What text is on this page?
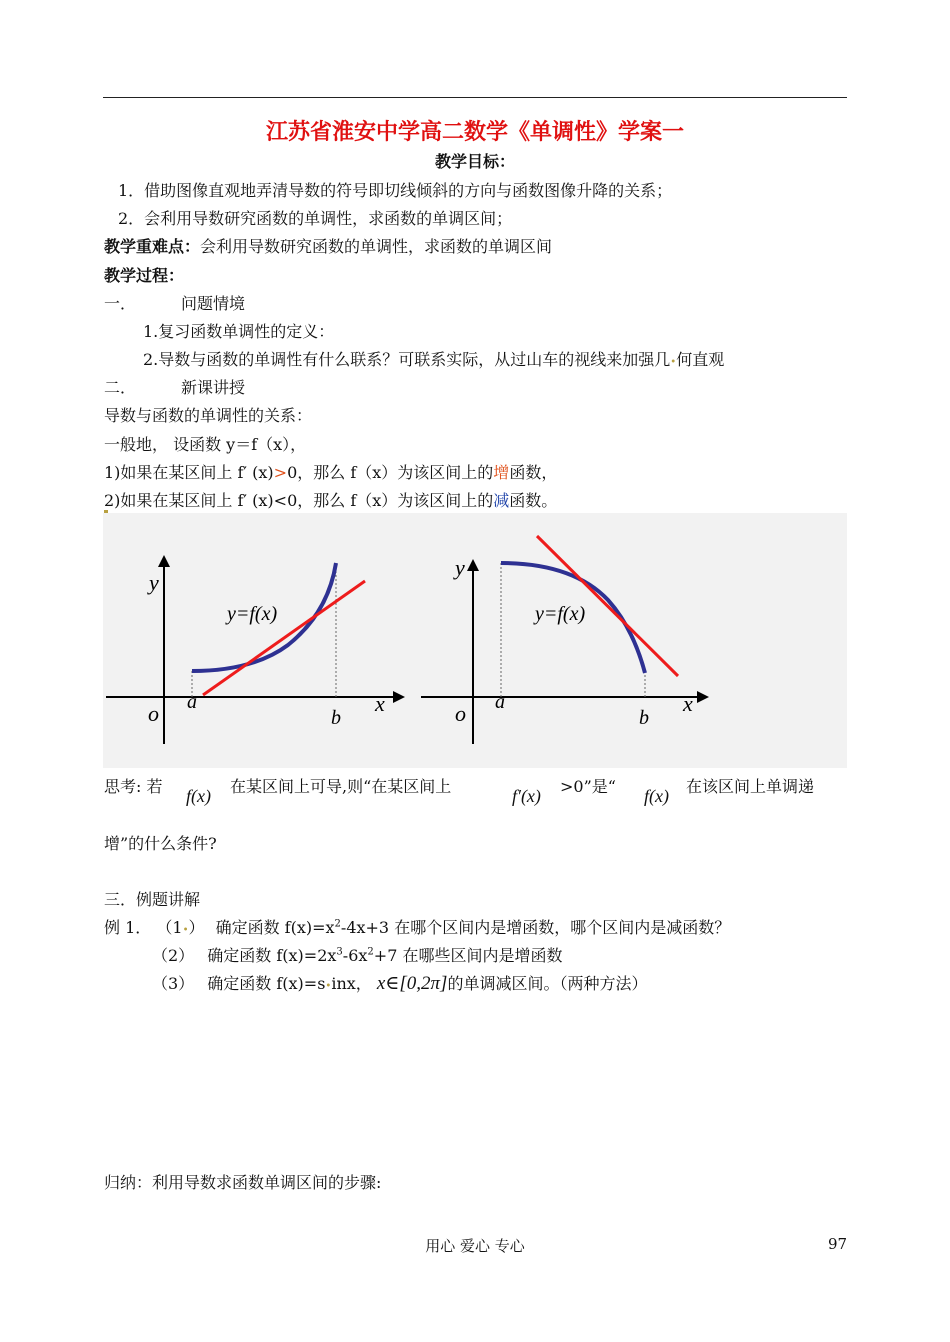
江苏省淮安中学高二数学《单调性》学案一
教学目标：
1．借助图像直观地弄清导数的符号即切线倾斜的方向与函数图像升降的关系；
2．会利用导数研究函数的单调性，求函数的单调区间；
教学重难点：会利用导数研究函数的单调性，求函数的单调区间
教学过程：
一．	问题情境
1.复习函数单调性的定义：
2.导数与函数的单调性有什么联系？可联系实际，从过山车的视线来加强几•何直观
二．	新课讲授
导数与函数的单调性的关系：
一般地， 设函数 y＝f（x），
1)如果在某区间上 f′ (x)>0，那么 f（x）为该区间上的增函数，
2)如果在某区间上 f′ (x)<0，那么 f（x）为该区间上的减函数。
y
y=f(x)
o a
b
x
y
y=f(x)
o a
b
x
思考: 若 f(x) 在某区间上可导,则“在某区间上	f′(x) >0”是“ f(x) 在该区间上单调递
增”的什么条件?
三．例题讲解
例 1． （1•） 确定函数 $f(x)=x^2-4x+3$ 在哪个区间内是增函数，哪个区间内是减函数？
（2） 确定函数 $f(x)=2x^3-6x^2+7$ 在哪些区间内是增函数
（3） 确定函数 f(x)=s•inx， x∈[0,2π]的单调减区间。（两种方法）
归纳：利用导数求函数单调区间的步骤:
用心 爱心 专心	97
